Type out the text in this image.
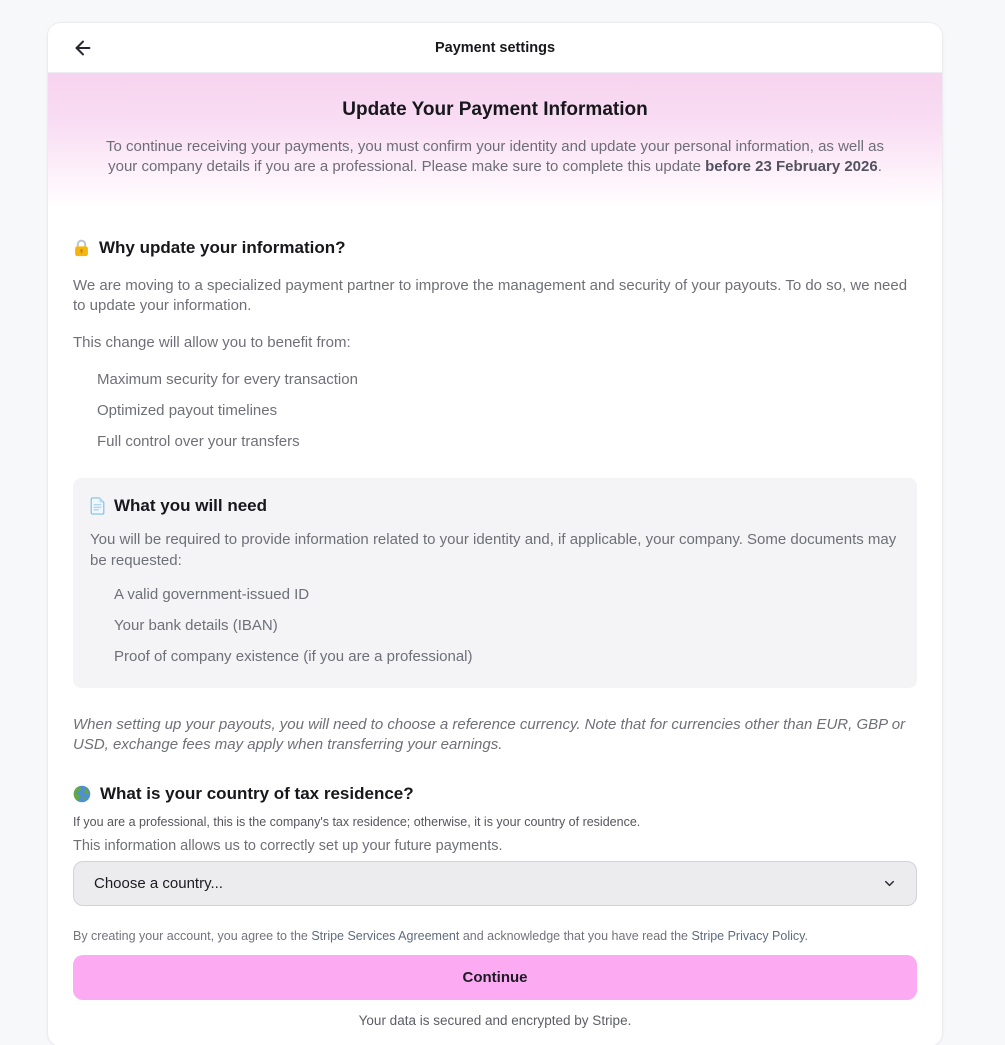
Payment settings
Update Your Payment Information

To continue receiving your payments, you must confirm your identity and update your personal information, as well as your company details if you are a professional. Please make sure to complete this update before 23 February 2026.

Why update your information?

We are moving to a specialized payment partner to improve the management and security of your payouts. To do so, we need to update your information.

This change will allow you to benefit from:

Maximum security for every transaction
Optimized payout timelines
Full control over your transfers
What you will need

You will be required to provide information related to your identity and, if applicable, your company. Some documents may be requested:

A valid government-issued ID
Your bank details (IBAN)
Proof of company existence (if you are a professional)

When setting up your payouts, you will need to choose a reference currency. Note that for currencies other than EUR, GBP or USD, exchange fees may apply when transferring your earnings.

What is your country of tax residence?

If you are a professional, this is the company's tax residence; otherwise, it is your country of residence.

This information allows us to correctly set up your future payments.

Choose a country...

By creating your account, you agree to the Stripe Services Agreement and acknowledge that you have read the Stripe Privacy Policy.

Continue

Your data is secured and encrypted by Stripe.
